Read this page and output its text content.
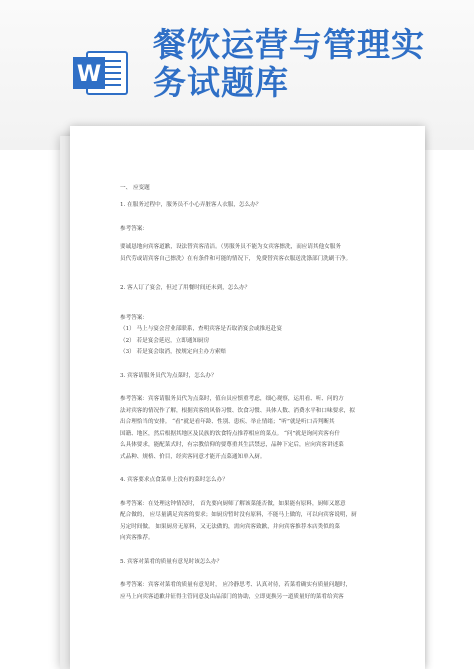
W
餐饮运营与管理实务试题库
一、 应变题
1. 在服务过程中，服务员不小心弄脏客人衣服，怎么办？
参考答案：
要诚恳地向宾客道歉，设法替宾客清洁。（男服务员不能为女宾客擦洗，而应请其他女服务
员代劳或请宾客自己擦洗）在有条件和可能的情况下， 免费替宾客衣服送洗涤部门洗刷干净。
2. 客人订了宴会，但过了用餐时间还未到，怎么办？
参考答案：
（1） 马上与宴会营业部联系，查明宾客是否取消宴会或推迟赴宴
（2） 若是宴会延迟，立即通知厨房
（3） 若是宴会取消，按规定向主办方索赔
3. 宾客请服务员代为点菜时，怎么办？
参考答案：宾客请服务员代为点菜时，值台员应慎重考虑，细心观察，运用看、听、问的方
法对宾客的情况作了解，根据宾客的风俗习惯、饮食习惯、具体人数、消费水平和口味要求，拟
出合理恰当的安排。 “看”就是看年龄、性别、患疾、举止情绪；“听”就是听口音判断其
国籍、地区，然后根据其地区及民族的饮食特点推荐相应的菜点。 “问”就是询问宾客有什
么具体要求，能配菜式时，有宗教信仰的要尊重其生活禁忌，品种下定后，应向宾客讲述菜
式品种、规格、价目，经宾客同意才能开点菜通知单入厨。
4. 宾客要求点食菜单上没有的菜时怎么办？
参考答案：在处理这钟情况时， 首先要向厨师了解该菜能否做，如果能有原料，厨师又愿意
配合做的， 应尽量满足宾客的要求；如厨房暂时没有原料，不能马上做的，可以向宾客说明，厨
另定时间做。 如果厨房无原料，又无法做的，需向宾客致歉，并向宾客推荐本店类似的菜
向宾客推荐。
5. 宾客对菜肴的质量有意见时该怎么办？
参考答案：宾客对菜肴的质量有意见时， 应冷静思考、认真对待，若菜肴确实有质量问题时，
应马上向宾客道歉并征得主管同意及由品部门的协助，立即更换另一道质量好的菜肴给宾客
